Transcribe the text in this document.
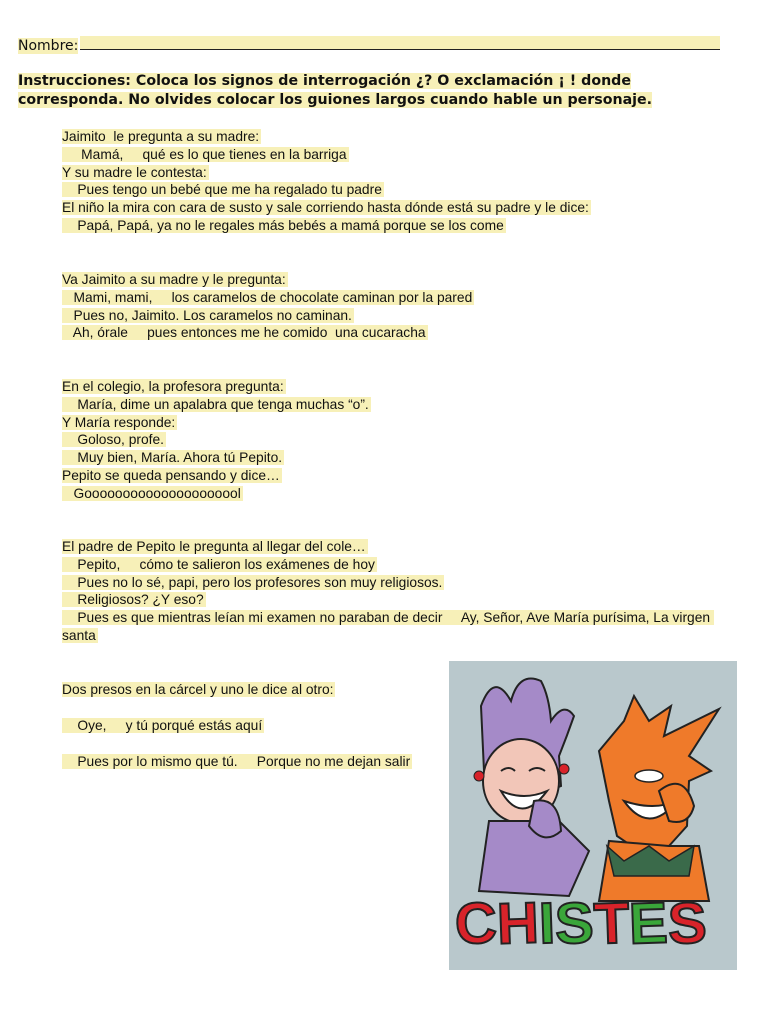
Nombre:
Instrucciones: Coloca los signos de interrogación ¿? O exclamación ¡ ! donde corresponda. No olvides colocar los guiones largos cuando hable un personaje.
Jaimito  le pregunta a su madre:
Mamá,     qué es lo que tienes en la barriga
Y su madre le contesta:
Pues tengo un bebé que me ha regalado tu padre
El niño la mira con cara de susto y sale corriendo hasta dónde está su padre y le dice:
Papá, Papá, ya no le regales más bebés a mamá porque se los come
Va Jaimito a su madre y le pregunta:
Mami, mami,     los caramelos de chocolate caminan por la pared
Pues no, Jaimito. Los caramelos no caminan.
Ah, órale     pues entonces me he comido  una cucaracha
En el colegio, la profesora pregunta:
María, dime un apalabra que tenga muchas “o”.
Y María responde:
Goloso, profe.
Muy bien, María. Ahora tú Pepito.
Pepito se queda pensando y dice…
Gooooooooooooooooooool
El padre de Pepito le pregunta al llegar del cole…
Pepito,     cómo te salieron los exámenes de hoy
Pues no lo sé, papi, pero los profesores son muy religiosos.
Religiosos? ¿Y eso?
Pues es que mientras leían mi examen no paraban de decir     Ay, Señor, Ave María purísima, La virgen santa
Dos presos en la cárcel y uno le dice al otro:
Oye,     y tú porqué estás aquí
Pues por lo mismo que tú.     Porque no me dejan salir
CHISTES
